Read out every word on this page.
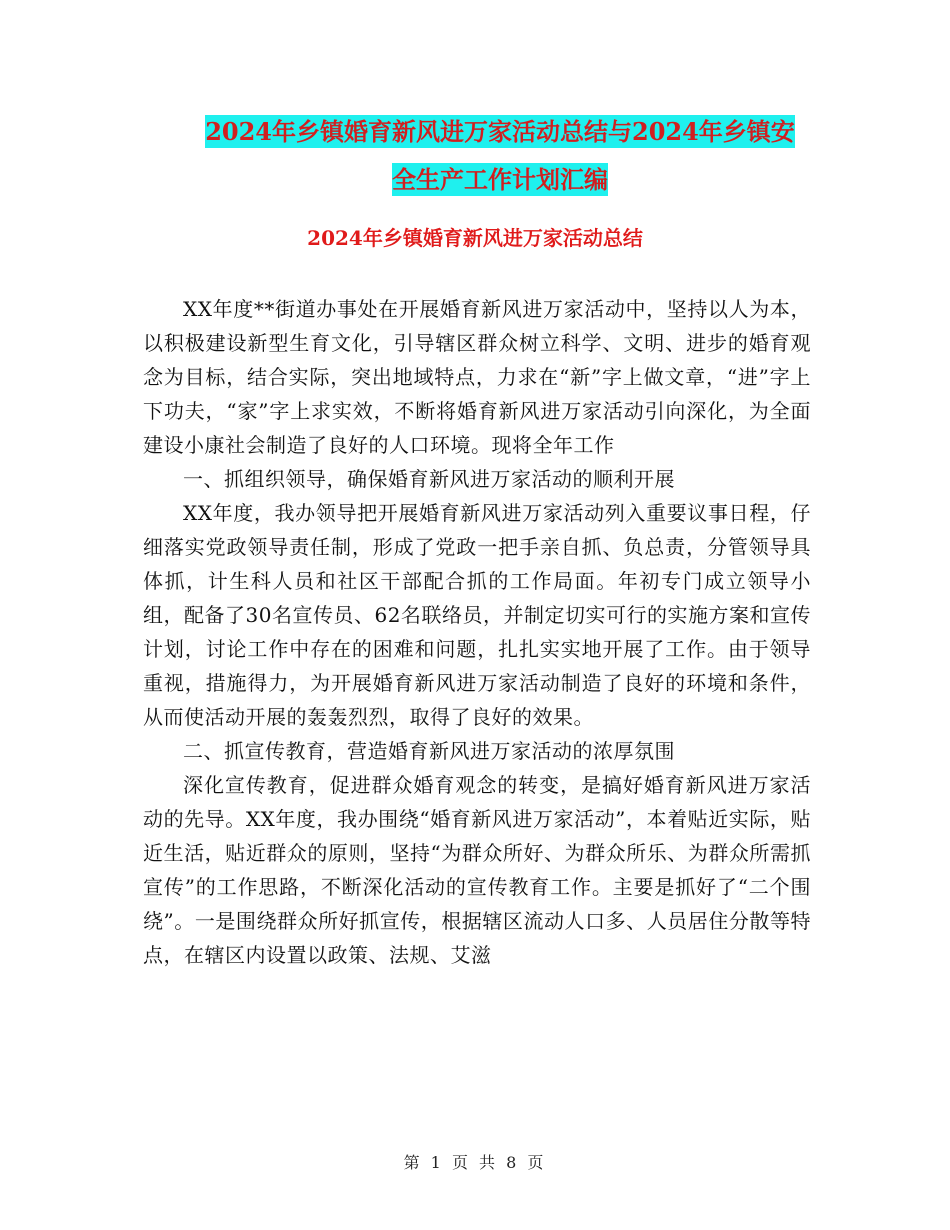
2024年乡镇婚育新风进万家活动总结与2024年乡镇安
全生产工作计划汇编
2024年乡镇婚育新风进万家活动总结

XX年度**街道办事处在开展婚育新风进万家活动中，坚持以人为本，以积极建设新型生育文化，引导辖区群众树立科学、文明、进步的婚育观念为目标，结合实际，突出地域特点，力求在“新”字上做文章，“进”字上下功夫，“家”字上求实效，不断将婚育新风进万家活动引向深化，为全面建设小康社会制造了良好的人口环境。现将全年工作

一、抓组织领导，确保婚育新风进万家活动的顺利开展

XX年度，我办领导把开展婚育新风进万家活动列入重要议事日程，仔细落实党政领导责任制，形成了党政一把手亲自抓、负总责，分管领导具体抓，计生科人员和社区干部配合抓的工作局面。年初专门成立领导小组，配备了30名宣传员、62名联络员，并制定切实可行的实施方案和宣传计划，讨论工作中存在的困难和问题，扎扎实实地开展了工作。由于领导重视，措施得力，为开展婚育新风进万家活动制造了良好的环境和条件，从而使活动开展的轰轰烈烈，取得了良好的效果。

二、抓宣传教育，营造婚育新风进万家活动的浓厚氛围

深化宣传教育，促进群众婚育观念的转变，是搞好婚育新风进万家活动的先导。XX年度，我办围绕“婚育新风进万家活动”，本着贴近实际，贴近生活，贴近群众的原则，坚持“为群众所好、为群众所乐、为群众所需抓宣传”的工作思路，不断深化活动的宣传教育工作。主要是抓好了“二个围绕”。一是围绕群众所好抓宣传，根据辖区流动人口多、人员居住分散等特点，在辖区内设置以政策、法规、艾滋

第 1 页 共 8 页
